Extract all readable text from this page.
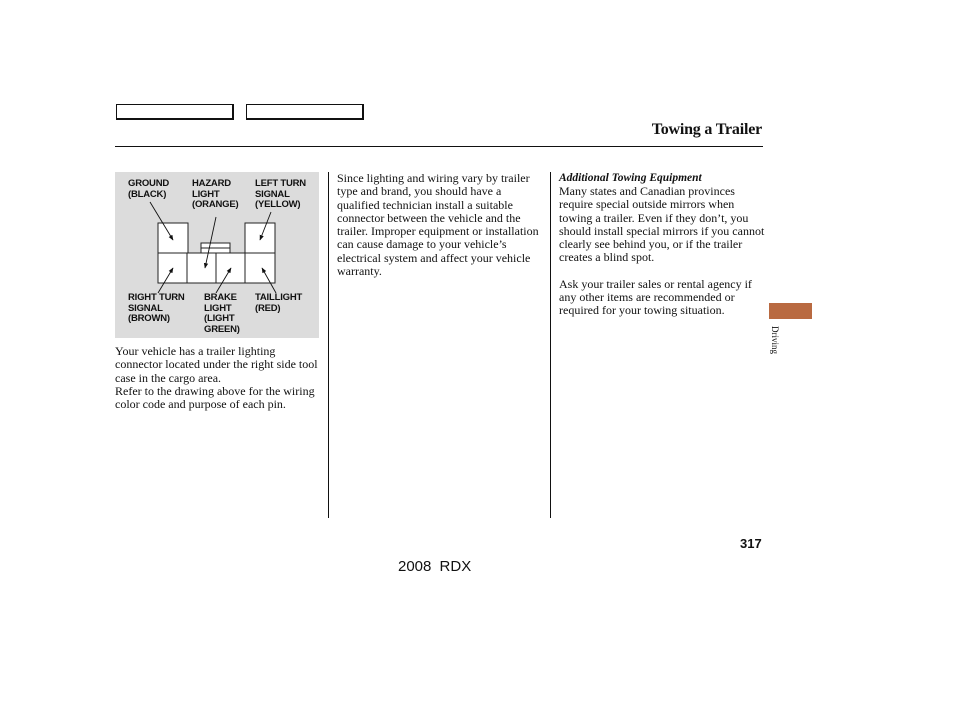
Towing a Trailer
GROUND
(BLACK)
HAZARD
LIGHT
(ORANGE)
LEFT TURN
SIGNAL
(YELLOW)
RIGHT TURN
SIGNAL
(BROWN)
BRAKE
LIGHT
(LIGHT
GREEN)
TAILLIGHT
(RED)

Your vehicle has a trailer lighting connector located under the right side tool case in the cargo area.

Refer to the drawing above for the wiring color code and purpose of each pin.

Since lighting and wiring vary by trailer type and brand, you should have a qualified technician install a suitable connector between the vehicle and the trailer. Improper equipment or installation can cause damage to your vehicle’s electrical system and affect your vehicle warranty.

Additional Towing Equipment

Many states and Canadian provinces require special outside mirrors when towing a trailer. Even if they don’t, you should install special mirrors if you cannot clearly see behind you, or if the trailer creates a blind spot.

Ask your trailer sales or rental agency if any other items are recommended or required for your towing situation.

Driving
317
2008 RDX
